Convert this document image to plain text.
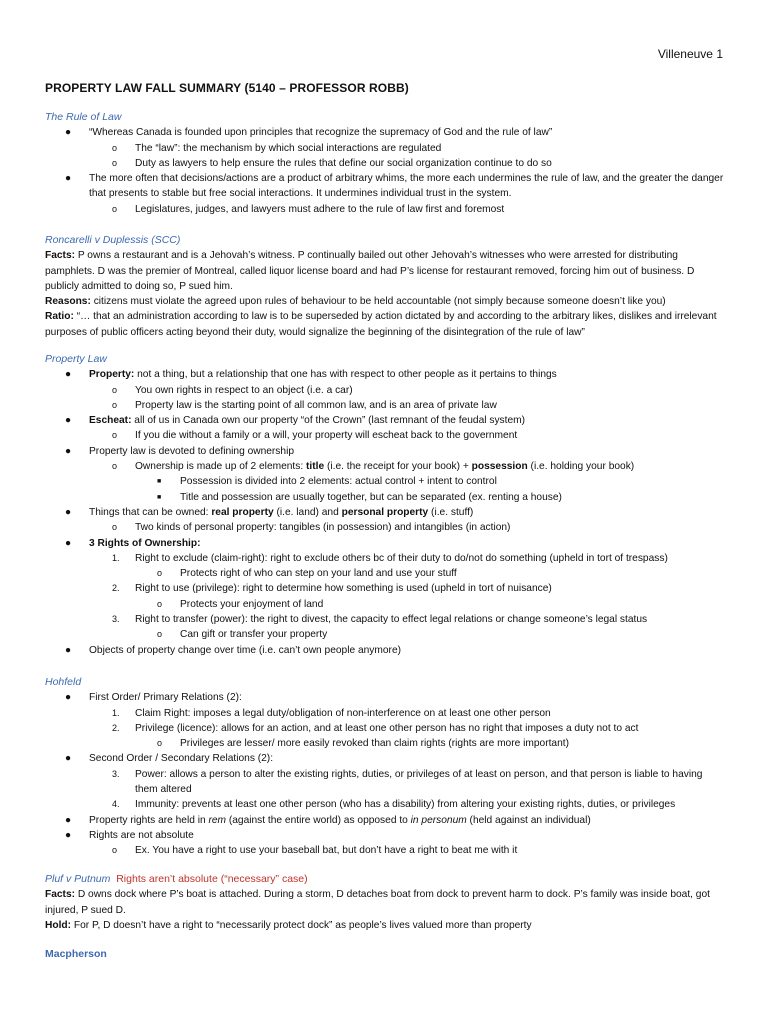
Villeneuve 1
PROPERTY LAW FALL SUMMARY (5140 – PROFESSOR ROBB)
The Rule of Law
● “Whereas Canada is founded upon principles that recognize the supremacy of God and the rule of law”
o The “law”: the mechanism by which social interactions are regulated
o Duty as lawyers to help ensure the rules that define our social organization continue to do so
● The more often that decisions/actions are a product of arbitrary whims, the more each undermines the rule of law, and the greater the danger that presents to stable but free social interactions. It undermines individual trust in the system.
o Legislatures, judges, and lawyers must adhere to the rule of law first and foremost
Roncarelli v Duplessis (SCC)

Facts: P owns a restaurant and is a Jehovah’s witness. P continually bailed out other Jehovah’s witnesses who were arrested for distributing pamphlets. D was the premier of Montreal, called liquor license board and had P’s license for restaurant removed, forcing him out of business. D publicly admitted to doing so, P sued him.

Reasons: citizens must violate the agreed upon rules of behaviour to be held accountable (not simply because someone doesn’t like you)

Ratio: “… that an administration according to law is to be superseded by action dictated by and according to the arbitrary likes, dislikes and irrelevant purposes of public officers acting beyond their duty, would signalize the beginning of the disintegration of the rule of law”

Property Law
● Property: not a thing, but a relationship that one has with respect to other people as it pertains to things
o You own rights in respect to an object (i.e. a car)
o Property law is the starting point of all common law, and is an area of private law
● Escheat: all of us in Canada own our property “of the Crown” (last remnant of the feudal system)
o If you die without a family or a will, your property will escheat back to the government
● Property law is devoted to defining ownership
o Ownership is made up of 2 elements: title (i.e. the receipt for your book) + possession (i.e. holding your book)
■ Possession is divided into 2 elements: actual control + intent to control
■ Title and possession are usually together, but can be separated (ex. renting a house)
● Things that can be owned: real property (i.e. land) and personal property (i.e. stuff)
o Two kinds of personal property: tangibles (in possession) and intangibles (in action)
● 3 Rights of Ownership:
1. Right to exclude (claim-right): right to exclude others bc of their duty to do/not do something (upheld in tort of trespass)
o Protects right of who can step on your land and use your stuff
2. Right to use (privilege): right to determine how something is used (upheld in tort of nuisance)
o Protects your enjoyment of land
3. Right to transfer (power): the right to divest, the capacity to effect legal relations or change someone’s legal status
o Can gift or transfer your property
● Objects of property change over time (i.e. can’t own people anymore)
Hohfeld
● First Order/ Primary Relations (2):
1. Claim Right: imposes a legal duty/obligation of non-interference on at least one other person
2. Privilege (licence): allows for an action, and at least one other person has no right that imposes a duty not to act
o Privileges are lesser/ more easily revoked than claim rights (rights are more important)
● Second Order / Secondary Relations (2):
3. Power: allows a person to alter the existing rights, duties, or privileges of at least on person, and that person is liable to having them altered
4. Immunity: prevents at least one other person (who has a disability) from altering your existing rights, duties, or privileges
● Property rights are held in rem (against the entire world) as opposed to in personum (held against an individual)
● Rights are not absolute
o Ex. You have a right to use your baseball bat, but don’t have a right to beat me with it
Pluf v Putnum Rights aren’t absolute (“necessary” case)

Facts: D owns dock where P’s boat is attached. During a storm, D detaches boat from dock to prevent harm to dock. P’s family was inside boat, got injured, P sued D.

Hold: For P, D doesn’t have a right to “necessarily protect dock” as people’s lives valued more than property

Macpherson
